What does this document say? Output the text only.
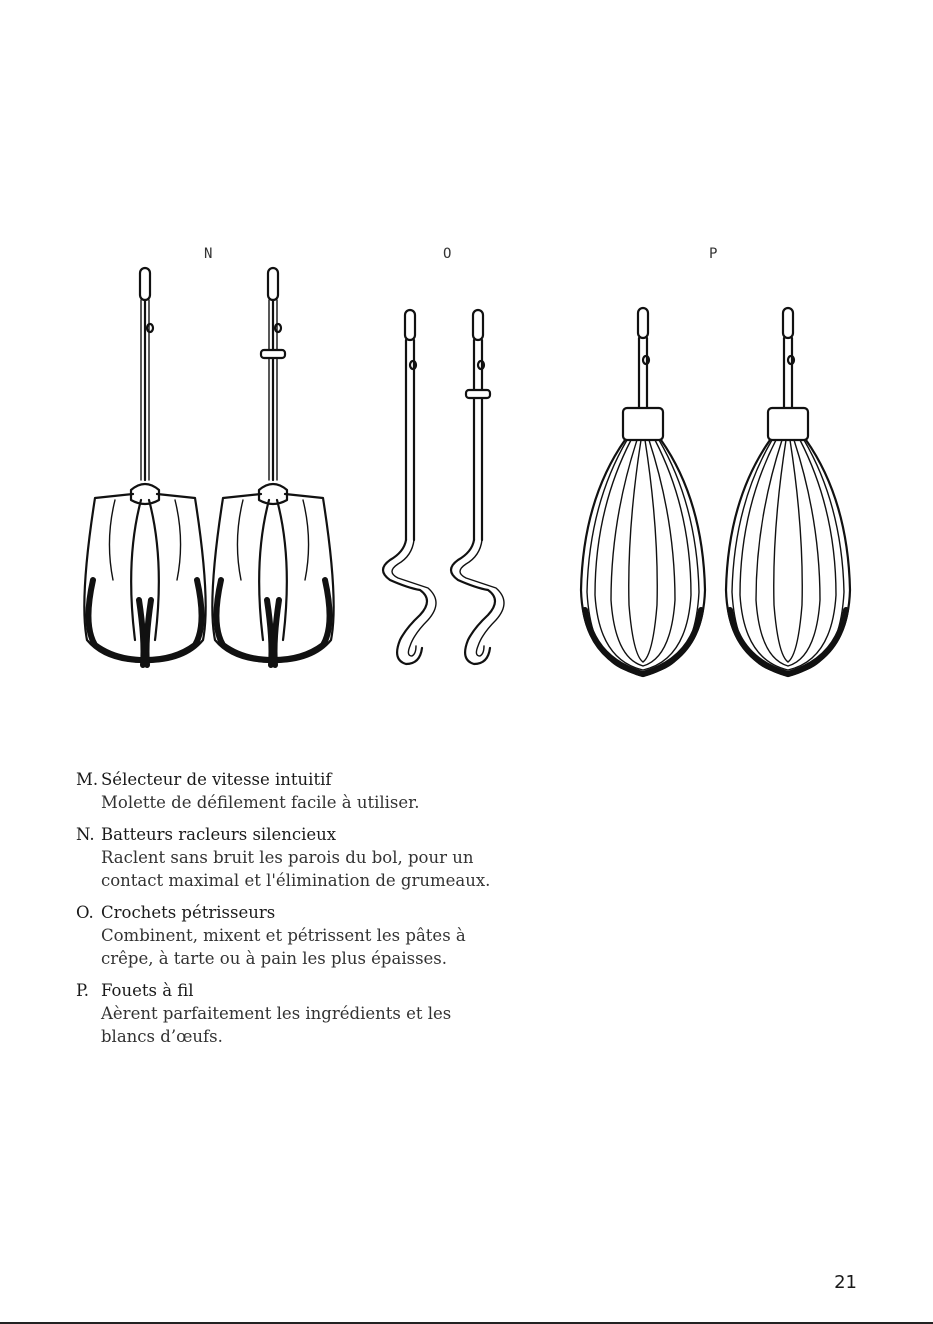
N	O	P
M. Sélecteur de vitesse intuitif
Molette de défilement facile à utiliser.
N. Batteurs racleurs silencieux
Raclent sans bruit les parois du bol, pour un contact maximal et l'élimination de grumeaux.
O. Crochets pétrisseurs
Combinent, mixent et pétrissent les pâtes à crêpe, à tarte ou à pain les plus épaisses.
P. Fouets à fil
Aèrent parfaitement les ingrédients et les blancs d’œufs.
21
